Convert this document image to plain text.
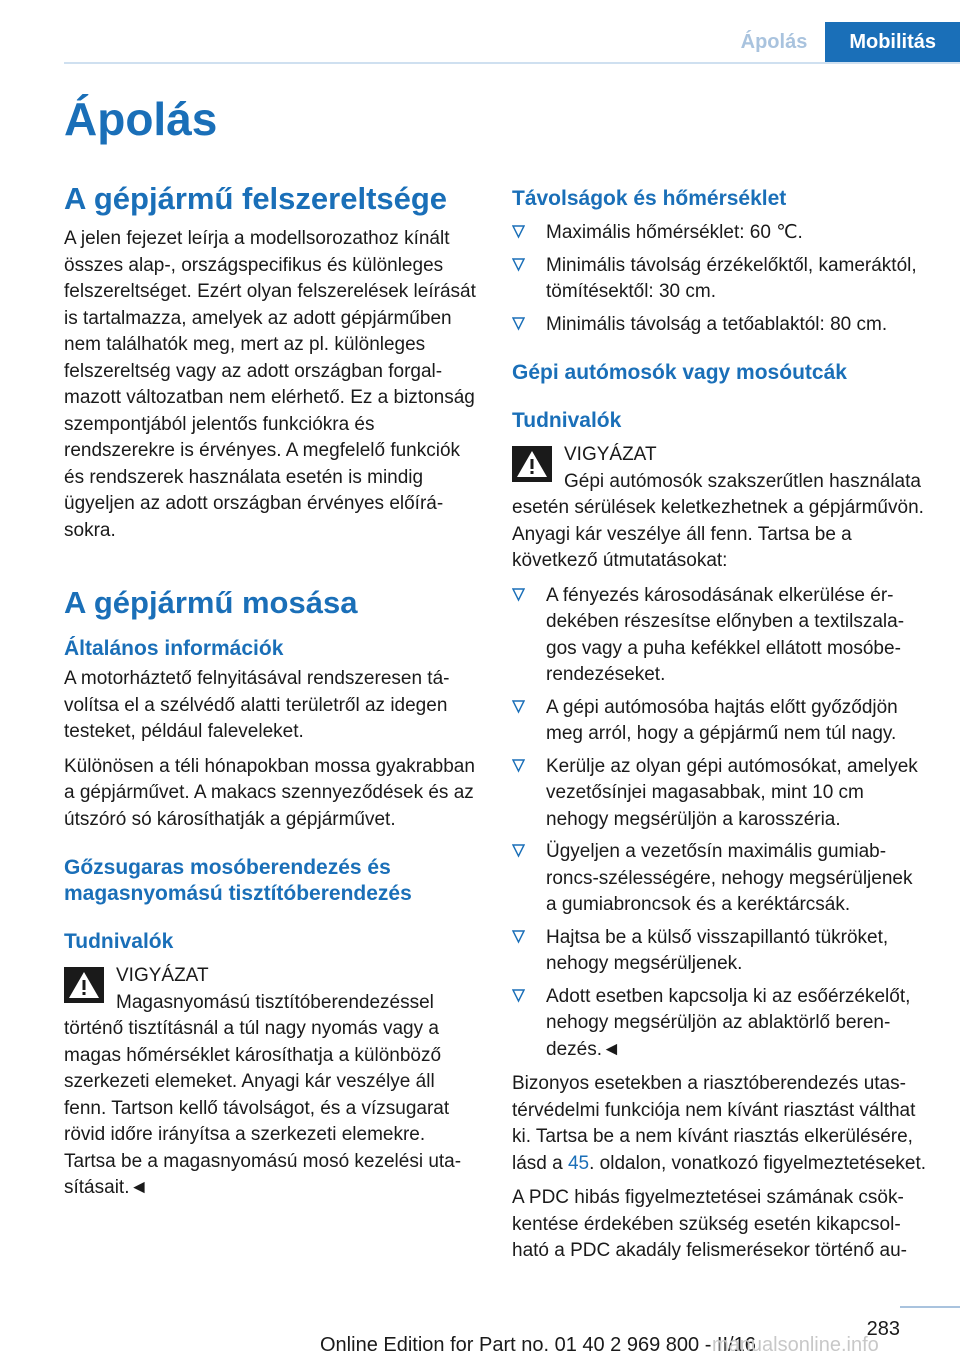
Ápolás	Mobilitás
Ápolás
A gépjármű felszereltsége

A jelen fejezet leírja a modellsorozathoz kínált összes alap-, országspecifikus és különleges felszereltséget. Ezért olyan felszerelések leírását is tartalmazza, amelyek az adott gépjárműben nem találhatók meg, mert az pl. különleges felszereltség vagy az adott országban forgalmazott változatban nem elérhető. Ez a biztonság szempontjából jelentős funkciókra és rendszerekre is érvényes. A megfelelő funkciók és rendszerek használata esetén is mindig ügyeljen az adott országban érvényes előírásokra.

A gépjármű mosása
Általános információk

A motorháztető felnyitásával rendszeresen távolítsa el a szélvédő alatti területről az idegen testeket, például faleveleket.

Különösen a téli hónapokban mossa gyakrabban a gépjárművet. A makacs szennyeződések és az útszóró só károsíthatják a gépjárművet.

Gőzsugaras mosóberendezés és magasnyomású tisztítóberendezés
Tudnivalók

VIGYÁZAT

Magasnyomású tisztítóberendezéssel történő tisztításnál a túl nagy nyomás vagy a magas hőmérséklet károsíthatja a különböző szerkezeti elemeket. Anyagi kár veszélye áll fenn. Tartson kellő távolságot, és a vízsugarat rövid időre irányítsa a szerkezeti elemekre. Tartsa be a magasnyomású mosó kezelési utasításait.◄

Távolságok és hőmérséklet
Maximális hőmérséklet: 60 ℃.
Minimális távolság érzékelőktől, kameráktól, tömítésektől: 30 cm.
Minimális távolság a tetőablaktól: 80 cm.
Gépi autómosók vagy mosóutcák
Tudnivalók

VIGYÁZAT

Gépi autómosók szakszerűtlen használata esetén sérülések keletkezhetnek a gépjárművön. Anyagi kár veszélye áll fenn. Tartsa be a következő útmutatásokat:

A fényezés károsodásának elkerülése érdekében részesítse előnyben a textilszalagos vagy a puha kefékkel ellátott mosóberendezéseket.
A gépi autómosóba hajtás előtt győződjön meg arról, hogy a gépjármű nem túl nagy.
Kerülje az olyan gépi autómosókat, amelyek vezetősínjei magasabbak, mint 10 cm nehogy megsérüljön a karosszéria.
Ügyeljen a vezetősín maximális gumiabroncs-szélességére, nehogy megsérüljenek a gumiabroncsok és a keréktárcsák.
Hajtsa be a külső visszapillantó tükröket, nehogy megsérüljenek.
Adott esetben kapcsolja ki az esőérzékelőt, nehogy megsérüljön az ablaktörlő berendezés.◄

Bizonyos esetekben a riasztóberendezés utastérvédelmi funkciója nem kívánt riasztást válthat ki. Tartsa be a nem kívánt riasztás elkerülésére, lásd a 45. oldalon, vonatkozó figyelmeztetéseket.

A PDC hibás figyelmeztetései számának csökkentése érdekében szükség esetén kikapcsolható a PDC akadály felismerésekor történő au-

283
Online Edition for Part no. 01 40 2 969 800 - II/16
manualsonline.info
